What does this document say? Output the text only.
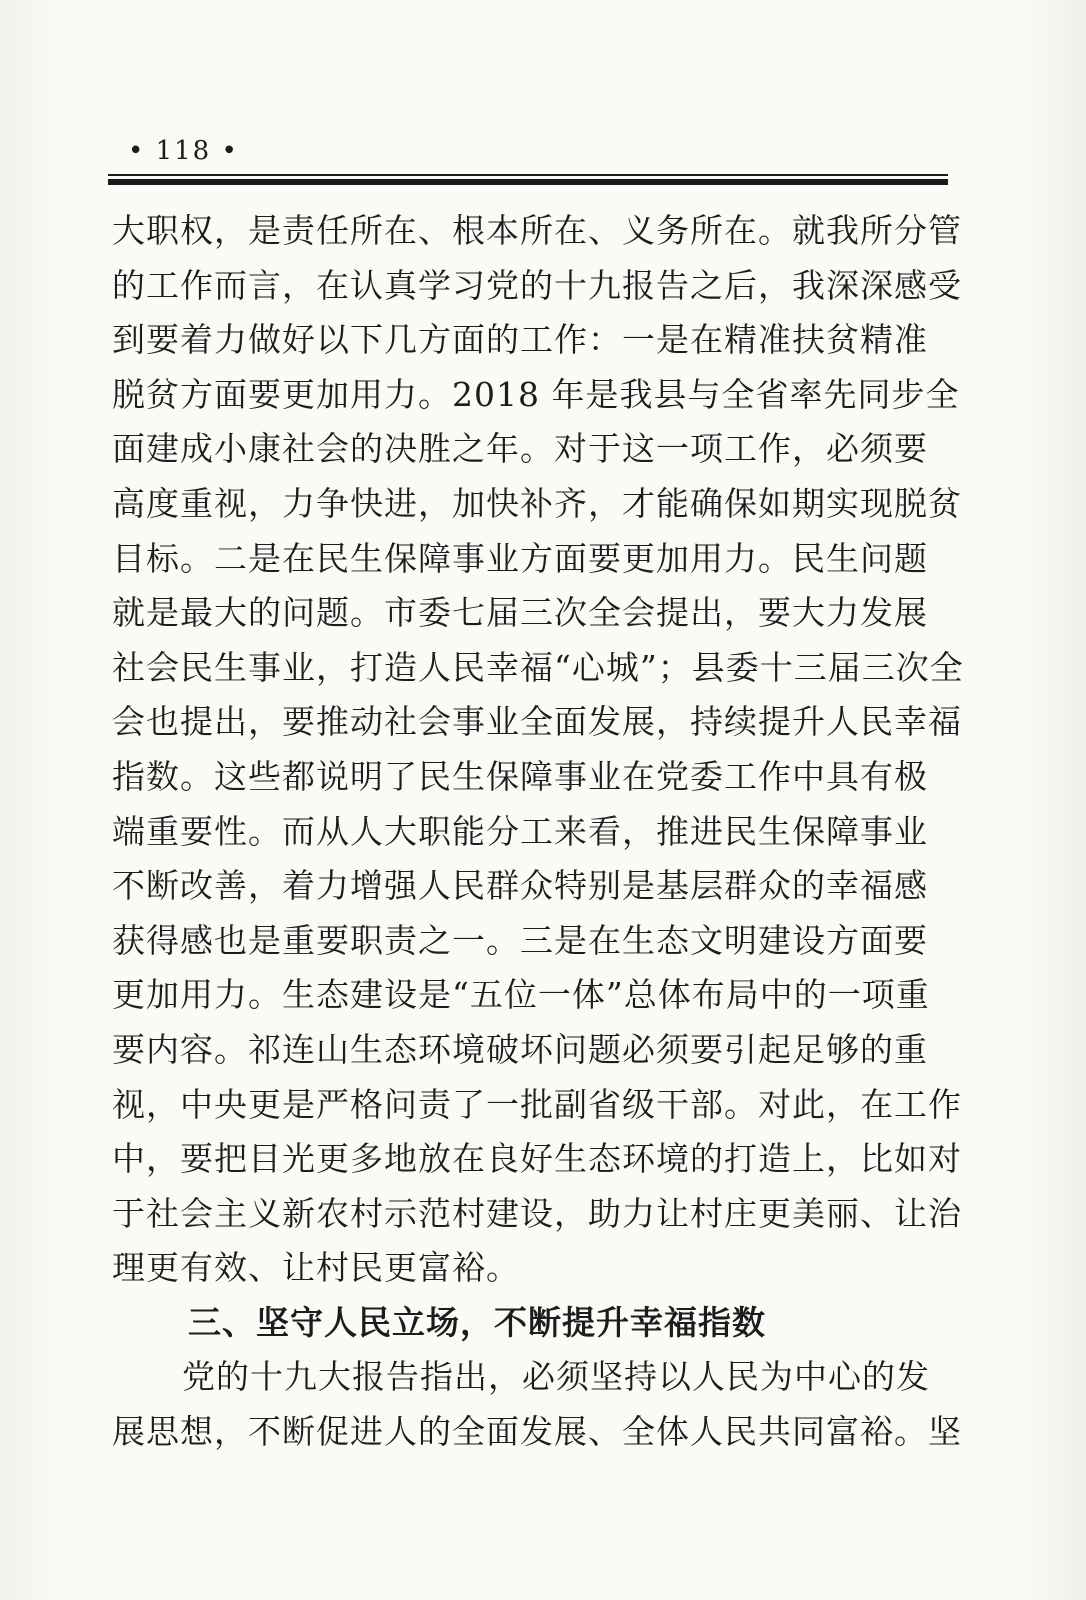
• 118 •
大职权，是责任所在、根本所在、义务所在。就我所分管
的工作而言，在认真学习党的十九报告之后，我深深感受
到要着力做好以下几方面的工作：一是在精准扶贫精准
脱贫方面要更加用力。2018 年是我县与全省率先同步全
面建成小康社会的决胜之年。对于这一项工作，必须要
高度重视，力争快进，加快补齐，才能确保如期实现脱贫
目标。二是在民生保障事业方面要更加用力。民生问题
就是最大的问题。市委七届三次全会提出，要大力发展
社会民生事业，打造人民幸福“心城”；县委十三届三次全
会也提出，要推动社会事业全面发展，持续提升人民幸福
指数。这些都说明了民生保障事业在党委工作中具有极
端重要性。而从人大职能分工来看，推进民生保障事业
不断改善，着力增强人民群众特别是基层群众的幸福感
获得感也是重要职责之一。三是在生态文明建设方面要
更加用力。生态建设是“五位一体”总体布局中的一项重
要内容。祁连山生态环境破坏问题必须要引起足够的重
视，中央更是严格问责了一批副省级干部。对此，在工作
中，要把目光更多地放在良好生态环境的打造上，比如对
于社会主义新农村示范村建设，助力让村庄更美丽、让治
理更有效、让村民更富裕。
三、坚守人民立场，不断提升幸福指数
党的十九大报告指出，必须坚持以人民为中心的发
展思想，不断促进人的全面发展、全体人民共同富裕。坚
